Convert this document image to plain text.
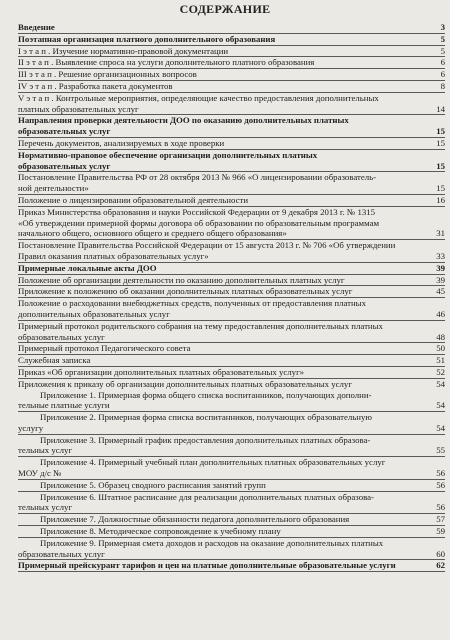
СОДЕРЖАНИЕ
Введение	3
Поэтапная организация платного дополнительного образования	5
I э т а п . Изучение нормативно-правовой документации	5
II э т а п . Выявление спроса на услуги дополнительного платного образования	6
III э т а п . Решение организационных вопросов	6
IV э т а п . Разработка пакета документов	8
V э т а п . Контрольные мероприятия, определяющие качество предоставления дополнительных
платных образовательных услуг	14
Направления проверки деятельности ДОО по оказанию дополнительных платных
образовательных услуг	15
Перечень документов, анализируемых в ходе проверки	15
Нормативно-правовое обеспечение организации дополнительных платных
образовательных услуг	15
Постановление Правительства РФ от 28 октября 2013 № 966 «О лицензировании образователь-
ной деятельности»	15
Положение о лицензировании образовательной деятельности	16
Приказ Министерства образования и науки Российской Федерации от 9 декабря 2013 г. № 1315
«Об утверждении примерной формы договора об образовании по образовательным программам
начального общего, основного общего и среднего общего образования»	31
Постановление Правительства Российской Федерации от 15 августа 2013 г. № 706 «Об утверждении
Правил оказания платных образовательных услуг»	33
Примерные локальные акты ДОО	39
Положение об организации деятельности по оказанию дополнительных платных услуг	39
Приложение к положению об оказании дополнительных платных образовательных услуг	45
Положение о расходовании внебюджетных средств, полученных от предоставления платных
дополнительных образовательных услуг	46
Примерный протокол родительского собрания на тему предоставления дополнительных платных
образовательных услуг	48
Примерный протокол Педагогического совета	50
Служебная записка	51
Приказ «Об организации дополнительных платных образовательных услуг»	52
Приложения к приказу об организации дополнительных платных образовательных услуг	54
Приложение 1. Примерная форма общего списка воспитанников, получающих дополни-
тельные платные услуги	54
Приложение 2. Примерная форма списка воспитанников, получающих образовательную
услугу	54
Приложение 3. Примерный график предоставления дополнительных платных образова-
тельных услуг	55
Приложение 4. Примерный учебный план дополнительных платных образовательных услуг
МОУ д/с №	56
Приложение 5. Образец сводного расписания занятий групп	56
Приложение 6. Штатное расписание для реализации дополнительных платных образова-
тельных услуг	56
Приложение 7. Должностные обязанности педагога дополнительного образования	57
Приложение 8. Методическое сопровождение к учебному плану	59
Приложение 9. Примерная смета доходов и расходов на оказание дополнительных платных
образовательных услуг	60
Примерный прейскурант тарифов и цен на платные дополнительные образовательные услуги	62
